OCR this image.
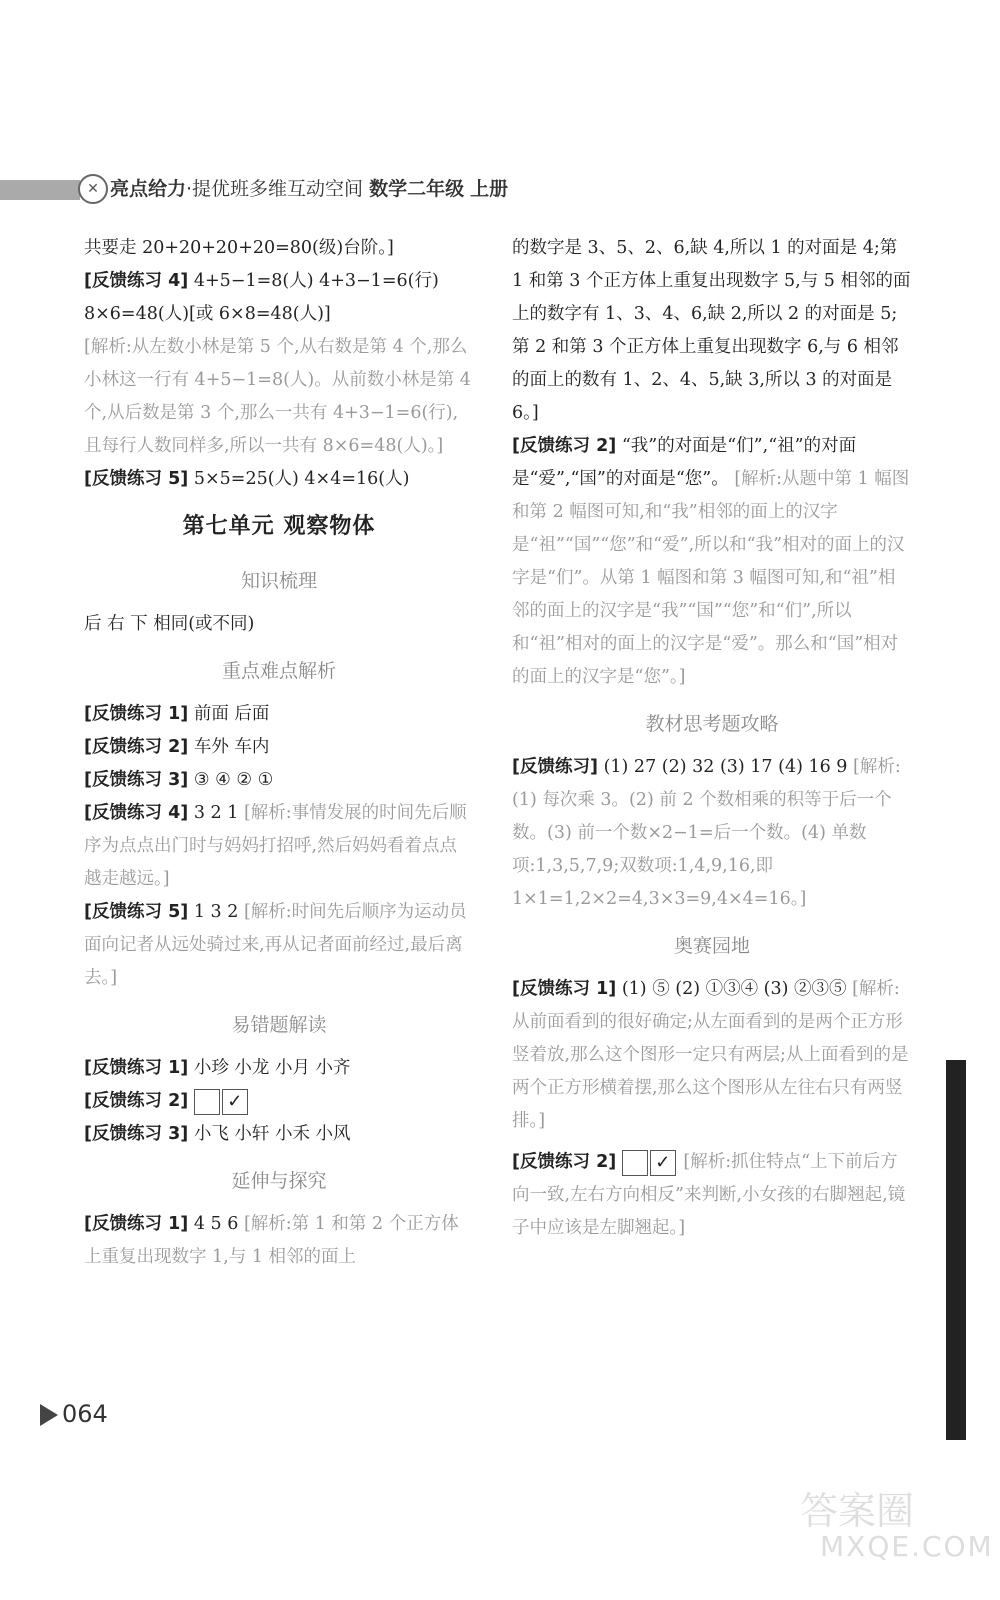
✕ 亮点给力·提优班多维互动空间 数学二年级 上册

共要走 20+20+20+20=80(级)台阶。]

[反馈练习 4] 4+5−1=8(人) 4+3−1=6(行) 8×6=48(人)[或 6×8=48(人)]

[解析:从左数小林是第 5 个,从右数是第 4 个,那么小林这一行有 4+5−1=8(人)。从前数小林是第 4 个,从后数是第 3 个,那么一共有 4+3−1=6(行),且每行人数同样多,所以一共有 8×6=48(人)。]

[反馈练习 5] 5×5=25(人) 4×4=16(人)

第七单元 观察物体
知识梳理

后 右 下 相同(或不同)

重点难点解析

[反馈练习 1] 前面 后面

[反馈练习 2] 车外 车内

[反馈练习 3] ③ ④ ② ①

[反馈练习 4] 3 2 1 [解析:事情发展的时间先后顺序为点点出门时与妈妈打招呼,然后妈妈看着点点越走越远。]

[反馈练习 5] 1 3 2 [解析:时间先后顺序为运动员面向记者从远处骑过来,再从记者面前经过,最后离去。]

易错题解读

[反馈练习 1] 小珍 小龙 小月 小齐

[反馈练习 2] ✓

[反馈练习 3] 小飞 小轩 小禾 小风

延伸与探究

[反馈练习 1] 4 5 6 [解析:第 1 和第 2 个正方体上重复出现数字 1,与 1 相邻的面上

的数字是 3、5、2、6,缺 4,所以 1 的对面是 4;第 1 和第 3 个正方体上重复出现数字 5,与 5 相邻的面上的数字有 1、3、4、6,缺 2,所以 2 的对面是 5;第 2 和第 3 个正方体上重复出现数字 6,与 6 相邻的面上的数有 1、2、4、5,缺 3,所以 3 的对面是 6。]

[反馈练习 2] “我”的对面是“们”,“祖”的对面是“爱”,“国”的对面是“您”。 [解析:从题中第 1 幅图和第 2 幅图可知,和“我”相邻的面上的汉字是“祖”“国”“您”和“爱”,所以和“我”相对的面上的汉字是“们”。从第 1 幅图和第 3 幅图可知,和“祖”相邻的面上的汉字是“我”“国”“您”和“们”,所以和“祖”相对的面上的汉字是“爱”。那么和“国”相对的面上的汉字是“您”。]

教材思考题攻略

[反馈练习] (1) 27 (2) 32 (3) 17 (4) 16 9 [解析:(1) 每次乘 3。(2) 前 2 个数相乘的积等于后一个数。(3) 前一个数×2−1=后一个数。(4) 单数项:1,3,5,7,9;双数项:1,4,9,16,即 1×1=1,2×2=4,3×3=9,4×4=16。]

奥赛园地

[反馈练习 1] (1) ⑤ (2) ①③④ (3) ②③⑤ [解析:从前面看到的很好确定;从左面看到的是两个正方形竖着放,那么这个图形一定只有两层;从上面看到的是两个正方形横着摆,那么这个图形从左往右只有两竖排。]

[反馈练习 2] ✓ [解析:抓住特点“上下前后方向一致,左右方向相反”来判断,小女孩的右脚翘起,镜子中应该是左脚翘起。]

064
答案圈
MXQE.COM
